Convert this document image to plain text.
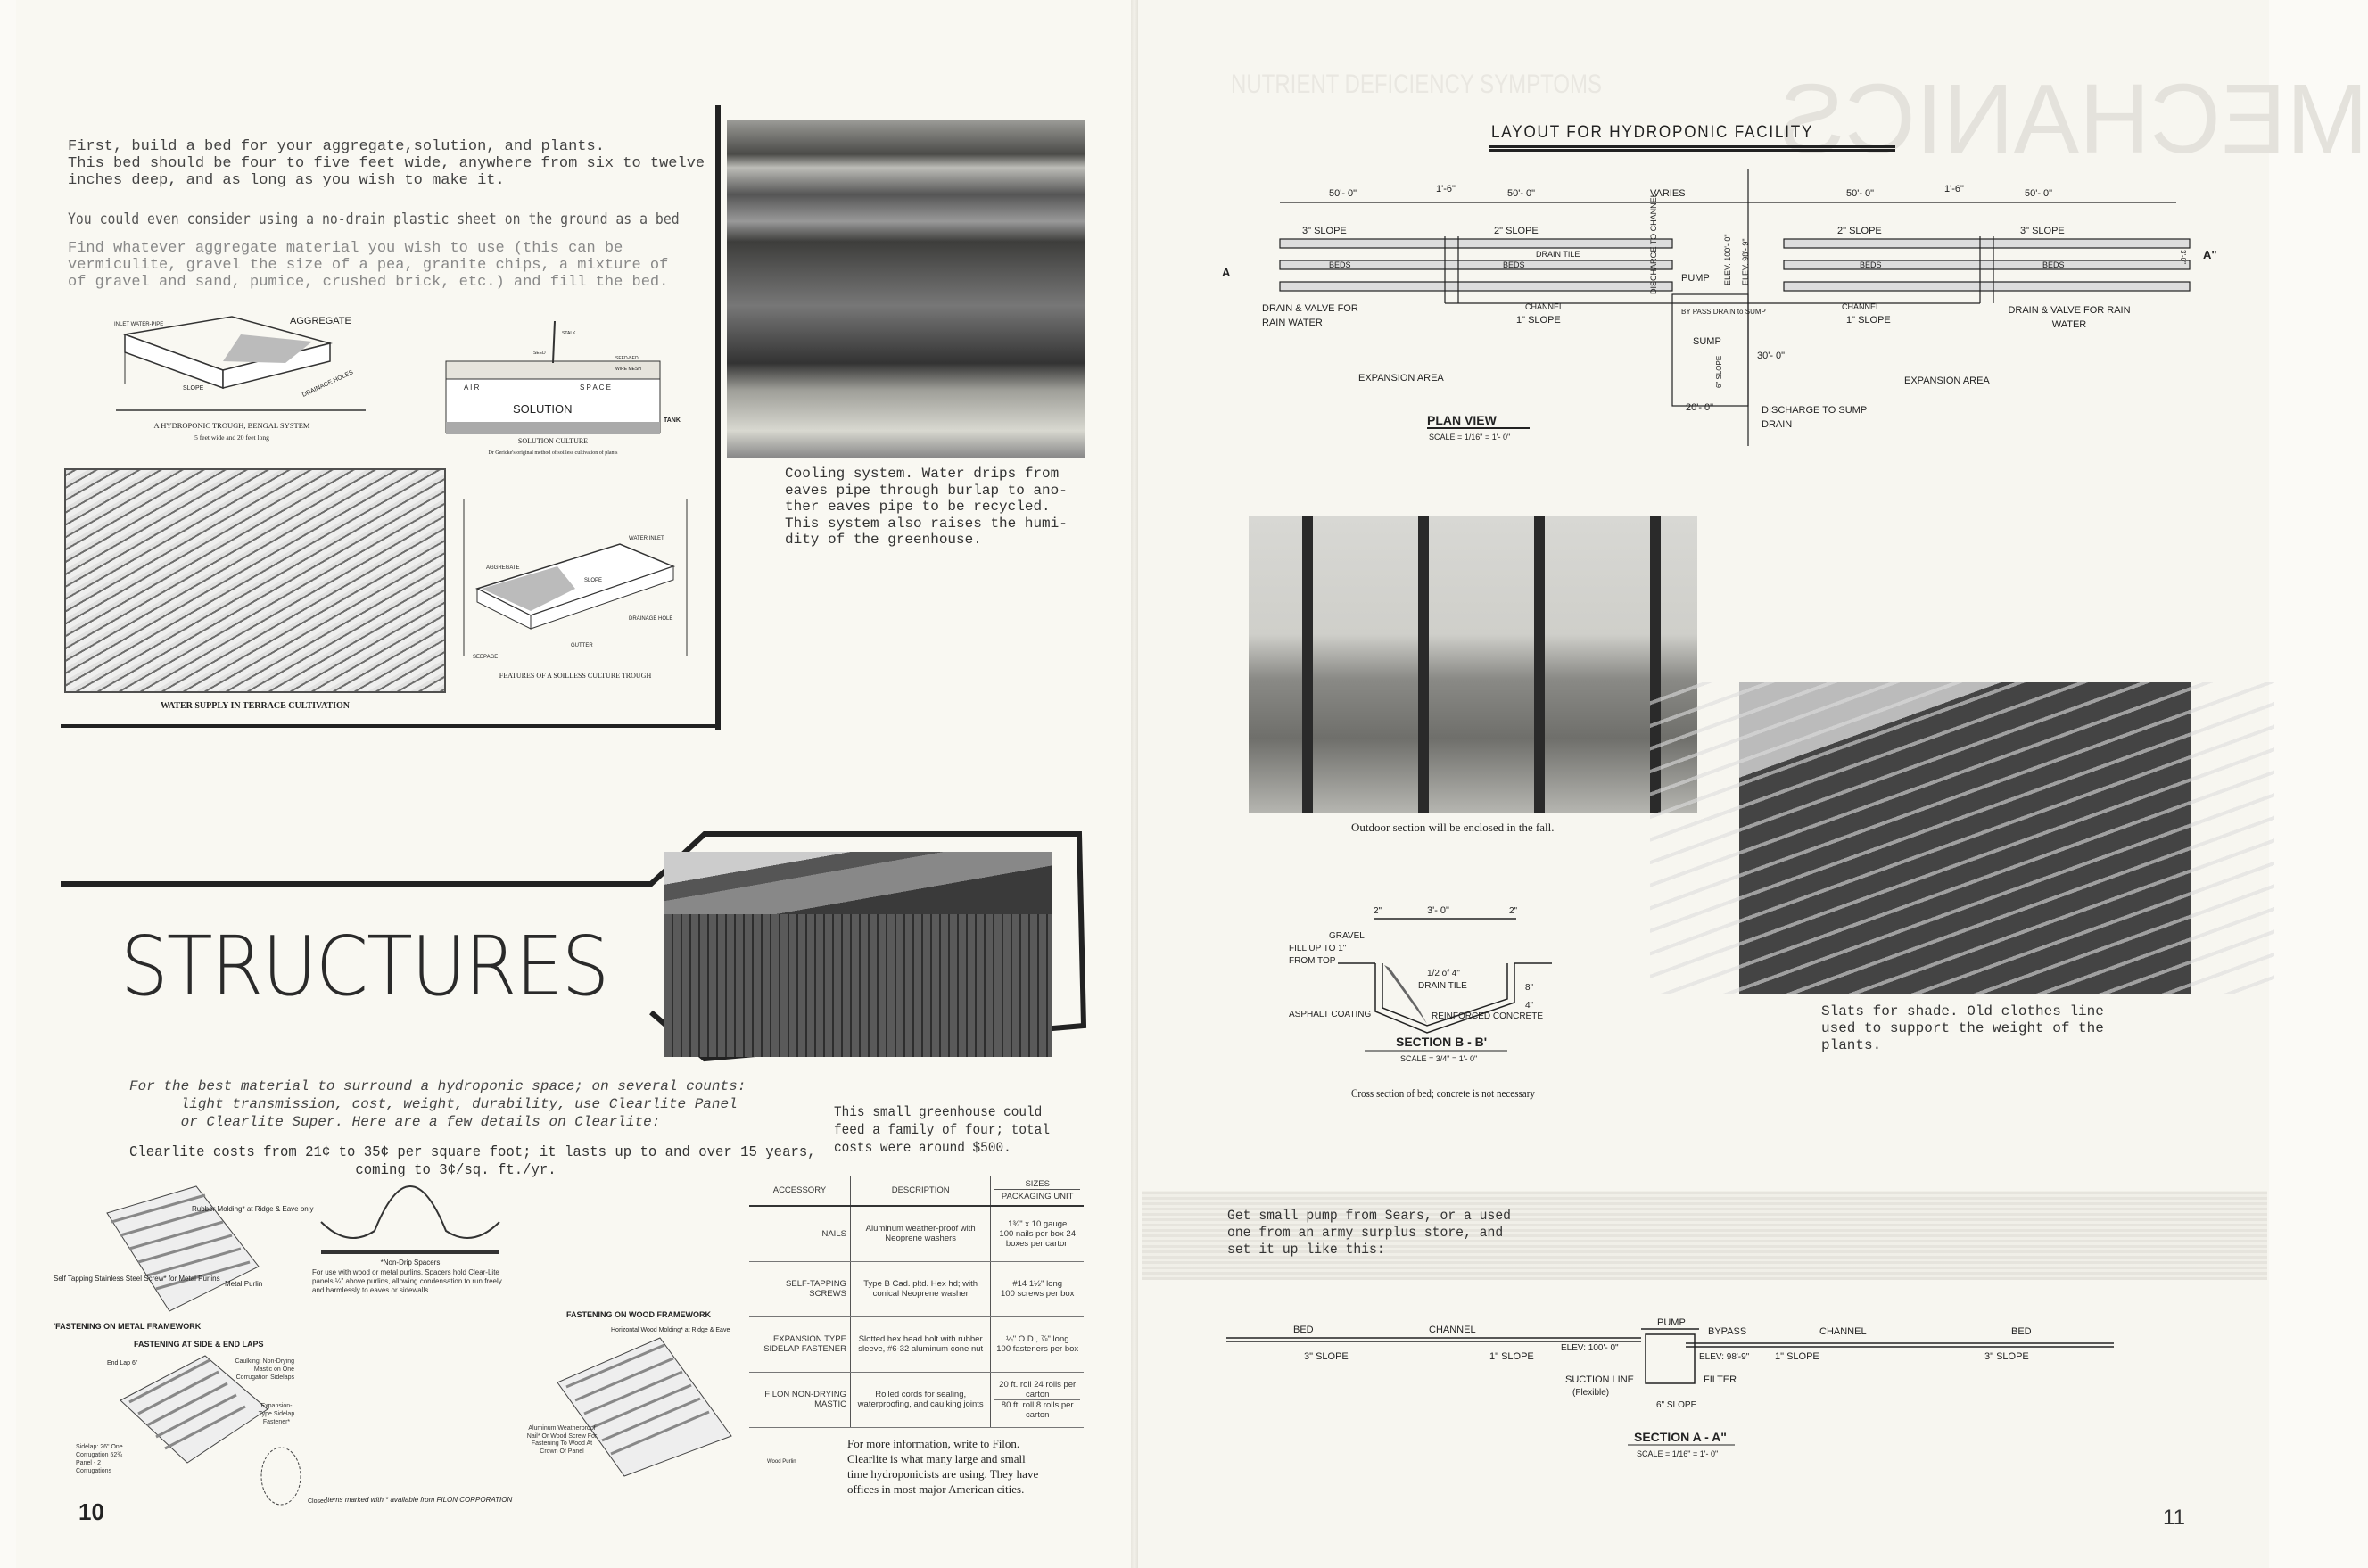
First, build a bed for your aggregate,solution, and plants.
This bed should be four to five feet wide, anywhere from six to twelve
inches deep, and as long as you wish to make it.
You could even consider using a no-drain plastic sheet on the ground as a bed
Find whatever aggregate material you wish to use (this can be
vermiculite, gravel the size of a pea, granite chips, a mixture of
of gravel and sand, pumice, crushed brick, etc.) and fill the bed.
INLET WATER-PIPE	AGGREGATE
SLOPE	DRAINAGE HOLES
A HYDROPONIC TROUGH, BENGAL SYSTEM
5 feet wide and 20 feet long
STALK
SEED
SEED-BED
WIRE MESH
A I R	S P A C E
SOLUTION
TANK
SOLUTION CULTURE
Dr Gericke's original method of soilless cultivation of plants
WATER SUPPLY IN TERRACE CULTIVATION
WATER INLET
AGGREGATE
SLOPE
DRAINAGE HOLE
GUTTER
SEEPAGE
FEATURES OF A SOILLESS CULTURE TROUGH
Cooling system. Water drips from
eaves pipe through burlap to ano-
ther eaves pipe to be recycled.
This system also raises the humi-
dity of the greenhouse.
STRUCTURES
For the best material to surround a hydroponic space; on several counts:
light transmission, cost, weight, durability, use Clearlite Panel
or Clearlite Super. Here are a few details on Clearlite:
Clearlite costs from 21¢ to 35¢ per square foot; it lasts up to and over 15 years,
coming to 3¢/sq. ft./yr.
This small greenhouse could
feed a family of four; total
costs were around $500.
ACCESSORY	DESCRIPTION	SIZES
PACKAGING UNIT

NAILS	Aluminum weather-proof with Neoprene washers	1¾" x 10 gauge
100 nails per box 24 boxes per carton

SELF-TAPPING SCREWS	Type B Cad. pltd. Hex hd; with conical Neoprene washer	#14 1½" long
100 screws per box

EXPANSION TYPE SIDELAP FASTENER	Slotted hex head bolt with rubber sleeve, #6-32 aluminum cone nut	¼" O.D., ⅞" long
100 fasteners per box

FILON NON-DRYING MASTIC	Rolled cords for sealing, waterproofing, and caulking joints	20 ft. roll 24 rolls per carton
80 ft. roll 8 rolls per carton
For more information, write to Filon. Clearlite is what many large and small time hydroponicists are using. They have offices in most major American cities.
Rubber Molding* at Ridge & Eave only
Self Tapping Stainless Steel Screw* for Metal Purlins
Metal Purlin
'FASTENING ON METAL FRAMEWORK
*Non-Drip Spacers
For use with wood or metal purlins. Spacers hold Clear-Lite panels ¼" above purlins, allowing condensation to run freely and harmlessly to eaves or sidewalls.
FASTENING AT SIDE & END LAPS
End Lap 6"	Caulking: Non-Drying Mastic on One Corrugation Sidelaps
Expansion-Type Sidelap Fastener*
Sidelap: 26" One Corrugation 52¾ Panel - 2 Corrugations
Closed
Items marked with * available from FILON CORPORATION
FASTENING ON WOOD FRAMEWORK
Horizontal Wood Molding* at Ridge & Eave
Aluminum Weatherproof Nail* Or Wood Screw For Fastening To Wood At Crown Of Panel
Wood Purlin
10
MECHANICS
NUTRIENT DEFICIENCY SYMPTOMS
LAYOUT FOR HYDROPONIC FACILITY
50'- 0"	1'-6"	50'- 0"	VARIES	50'- 0"	1'-6"	50'- 0"
3" SLOPE	2" SLOPE	2" SLOPE	3" SLOPE
BEDS	BEDS	BEDS	BEDS
DRAIN TILE
CHANNEL	CHANNEL
1" SLOPE	1" SLOPE
PUMP
BY PASS DRAIN to SUMP
SUMP
DISCHARGE TO CHANNEL	ELEV. 100'- 0" ELEV. 98'- 9"
6" SLOPE
A
A"
3'-0"
DRAIN & VALVE FOR RAIN WATER
DRAIN & VALVE FOR RAIN WATER
EXPANSION AREA	EXPANSION AREA
30'- 0"
20'- 0"	DISCHARGE TO SUMP DRAIN
PLAN VIEW
SCALE = 1/16" = 1'- 0"
Outdoor section will be enclosed in the fall.
Slats for shade. Old clothes line
used to support the weight of the
plants.
2"	3'- 0"	2"
GRAVEL
FILL UP TO 1"
FROM TOP
1/2 of 4"
DRAIN TILE	8"
4"
ASPHALT COATING	REINFORCED CONCRETE
SECTION B - B'
SCALE = 3/4" = 1'- 0"
Cross section of bed; concrete is not necessary
Get small pump from Sears, or a used
one from an army surplus store, and
set it up like this:
BED	CHANNEL
PUMP
BYPASS	CHANNEL	BED
ELEV: 100'- 0"
ELEV: 98'-9"
3" SLOPE	1" SLOPE	1" SLOPE	3" SLOPE
SUCTION LINE
(Flexible)
FILTER
6" SLOPE
SECTION A - A"
SCALE = 1/16" = 1'- 0"
11
